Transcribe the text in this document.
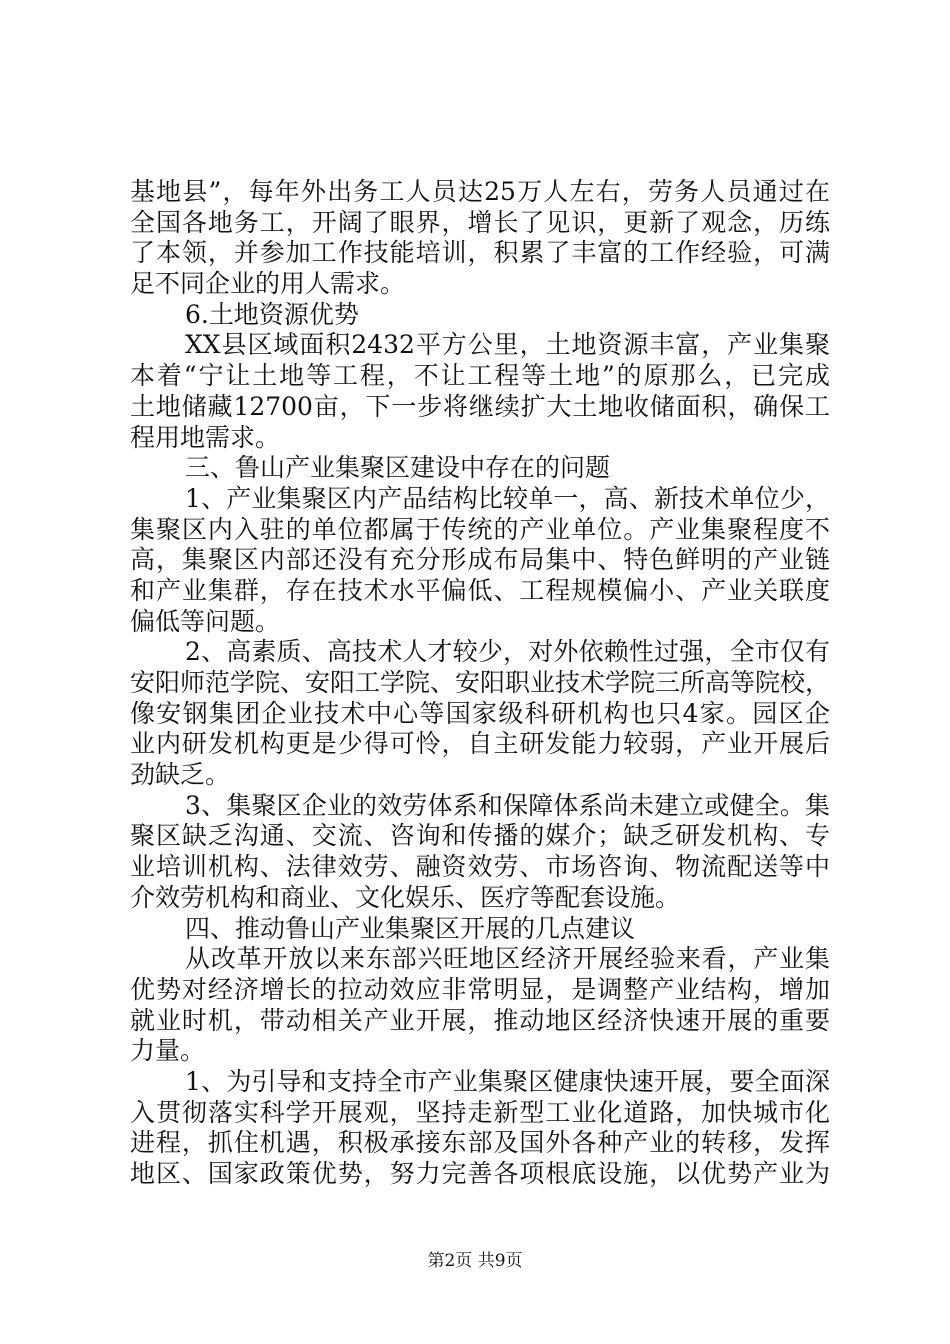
基地县”，每年外出务工人员达25万人左右，劳务人员通过在
全国各地务工，开阔了眼界，增长了见识，更新了观念，历练
了本领，并参加工作技能培训，积累了丰富的工作经验，可满
足不同企业的用人需求。
6.土地资源优势
XX县区域面积2432平方公里，土地资源丰富，产业集聚
本着“宁让土地等工程，不让工程等土地”的原那么，已完成
土地储藏12700亩，下一步将继续扩大土地收储面积，确保工
程用地需求。
三、鲁山产业集聚区建设中存在的问题
1、产业集聚区内产品结构比较单一，高、新技术单位少，
集聚区内入驻的单位都属于传统的产业单位。产业集聚程度不
高，集聚区内部还没有充分形成布局集中、特色鲜明的产业链
和产业集群，存在技术水平偏低、工程规模偏小、产业关联度
偏低等问题。
2、高素质、高技术人才较少，对外依赖性过强，全市仅有
安阳师范学院、安阳工学院、安阳职业技术学院三所高等院校，
像安钢集团企业技术中心等国家级科研机构也只4家。园区企
业内研发机构更是少得可怜，自主研发能力较弱，产业开展后
劲缺乏。
3、集聚区企业的效劳体系和保障体系尚未建立或健全。集
聚区缺乏沟通、交流、咨询和传播的媒介；缺乏研发机构、专
业培训机构、法律效劳、融资效劳、市场咨询、物流配送等中
介效劳机构和商业、文化娱乐、医疗等配套设施。
四、推动鲁山产业集聚区开展的几点建议
从改革开放以来东部兴旺地区经济开展经验来看，产业集
优势对经济增长的拉动效应非常明显，是调整产业结构，增加
就业时机，带动相关产业开展，推动地区经济快速开展的重要
力量。
1、为引导和支持全市产业集聚区健康快速开展，要全面深
入贯彻落实科学开展观，坚持走新型工业化道路，加快城市化
进程，抓住机遇，积极承接东部及国外各种产业的转移，发挥
地区、国家政策优势，努力完善各项根底设施，以优势产业为
第2页 共9页
